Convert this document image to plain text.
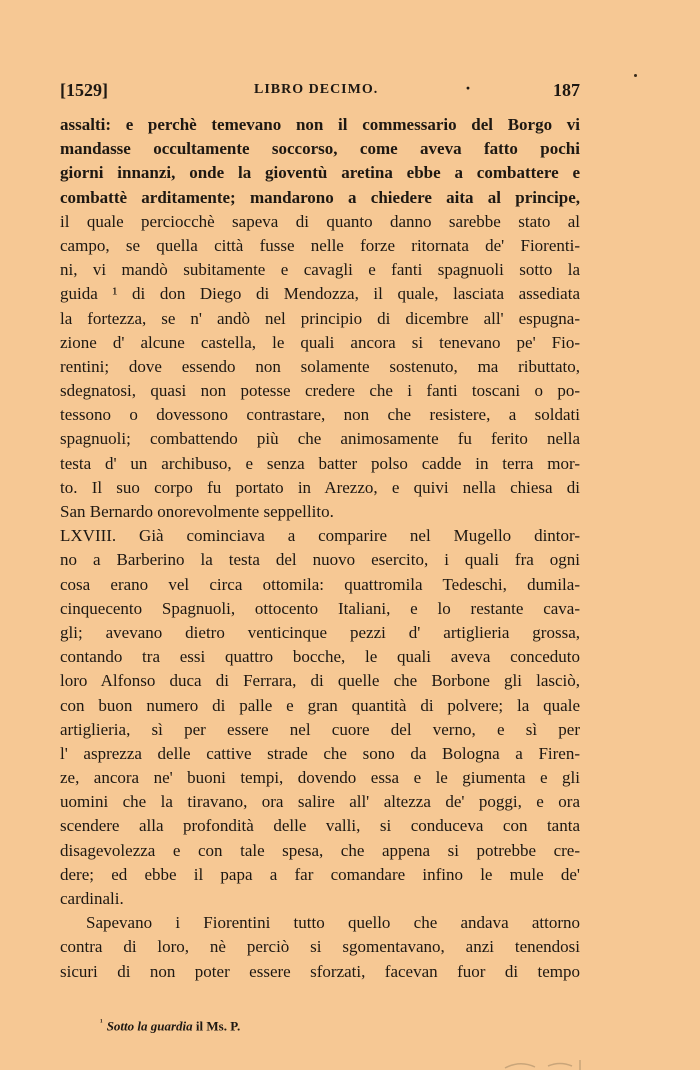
[1529]	LIBRO DECIMO.	·	187
assalti: e perchè temevano non il commessario del Borgo vi
mandasse occultamente soccorso, come aveva fatto pochi
giorni innanzi, onde la gioventù aretina ebbe a combattere e
combattè arditamente; mandarono a chiedere aita al principe,
il quale perciocchè sapeva di quanto danno sarebbe stato al
campo, se quella città fusse nelle forze ritornata de' Fiorenti-
ni, vi mandò subitamente e cavagli e fanti spagnuoli sotto la
guida ¹ di don Diego di Mendozza, il quale, lasciata assediata
la fortezza, se n' andò nel principio di dicembre all' espugna-
zione d' alcune castella, le quali ancora si tenevano pe' Fio-
rentini; dove essendo non solamente sostenuto, ma ributtato,
sdegnatosi, quasi non potesse credere che i fanti toscani o po-
tessono o dovessono contrastare, non che resistere, a soldati
spagnuoli; combattendo più che animosamente fu ferito nella
testa d' un archibuso, e senza batter polso cadde in terra mor-
to. Il suo corpo fu portato in Arezzo, e quivi nella chiesa di
San Bernardo onorevolmente seppellito.
LXVIII. Già cominciava a comparire nel Mugello dintor-
no a Barberino la testa del nuovo esercito, i quali fra ogni
cosa erano vel circa ottomila: quattromila Tedeschi, dumila-
cinquecento Spagnuoli, ottocento Italiani, e lo restante cava-
gli; avevano dietro venticinque pezzi d' artiglieria grossa,
contando tra essi quattro bocche, le quali aveva conceduto
loro Alfonso duca di Ferrara, di quelle che Borbone gli lasciò,
con buon numero di palle e gran quantità di polvere; la quale
artiglieria, sì per essere nel cuore del verno, e sì per
l' asprezza delle cattive strade che sono da Bologna a Firen-
ze, ancora ne' buoni tempi, dovendo essa e le giumenta e gli
uomini che la tiravano, ora salire all' altezza de' poggi, e ora
scendere alla profondità delle valli, si conduceva con tanta
disagevolezza e con tale spesa, che appena si potrebbe cre-
dere; ed ebbe il papa a far comandare infino le mule de'
cardinali.
Sapevano i Fiorentini tutto quello che andava attorno
contra di loro, nè perciò si sgomentavano, anzi tenendosi
sicuri di non poter essere sforzati, facevan fuor di tempo
$^{^1}$ Sotto la guardia il Ms. P.
